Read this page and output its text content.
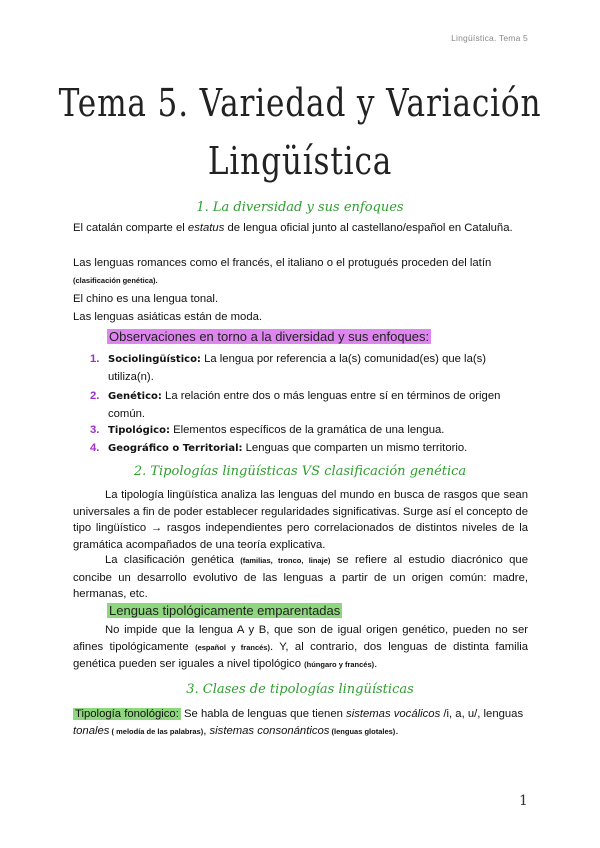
Lingüística. Tema 5
Tema 5. Variedad y Variación
Lingüística
1. La diversidad y sus enfoques

El catalán comparte el estatus de lengua oficial junto al castellano/español en Cataluña.

Las lenguas romances como el francés, el italiano o el protugués proceden del latín (clasificación genética).

El chino es una lengua tonal.

Las lenguas asiáticas están de moda.

Observaciones en torno a la diversidad y sus enfoques:
1. Sociolingüístico: La lengua por referencia a la(s) comunidad(es) que la(s) utiliza(n).
2. Genético: La relación entre dos o más lenguas entre sí en términos de origen común.
3. Tipológico: Elementos específicos de la gramática de una lengua.
4. Geográfico o Territorial: Lenguas que comparten un mismo territorio.
2. Tipologías lingüísticas VS clasificación genética

La tipología lingüística analiza las lenguas del mundo en busca de rasgos que sean universales a fin de poder establecer regularidades significativas. Surge así el concepto de tipo lingüístico → rasgos independientes pero correlacionados de distintos niveles de la gramática acompañados de una teoría explicativa.

La clasificación genética (familias, tronco, linaje) se refiere al estudio diacrónico que concibe un desarrollo evolutivo de las lenguas a partir de un origen común: madre, hermanas, etc.

Lenguas tipológicamente emparentadas

No impide que la lengua A y B, que son de igual origen genético, pueden no ser afines tipológicamente (español y francés). Y, al contrario, dos lenguas de distinta familia genética pueden ser iguales a nivel tipológico (húngaro y francés).

3. Clases de tipologías lingüísticas

Tipología fonológico: Se habla de lenguas que tienen sistemas vocálicos /i, a, u/, lenguas tonales ( melodía de las palabras), sistemas consonánticos (lenguas glotales).

1
